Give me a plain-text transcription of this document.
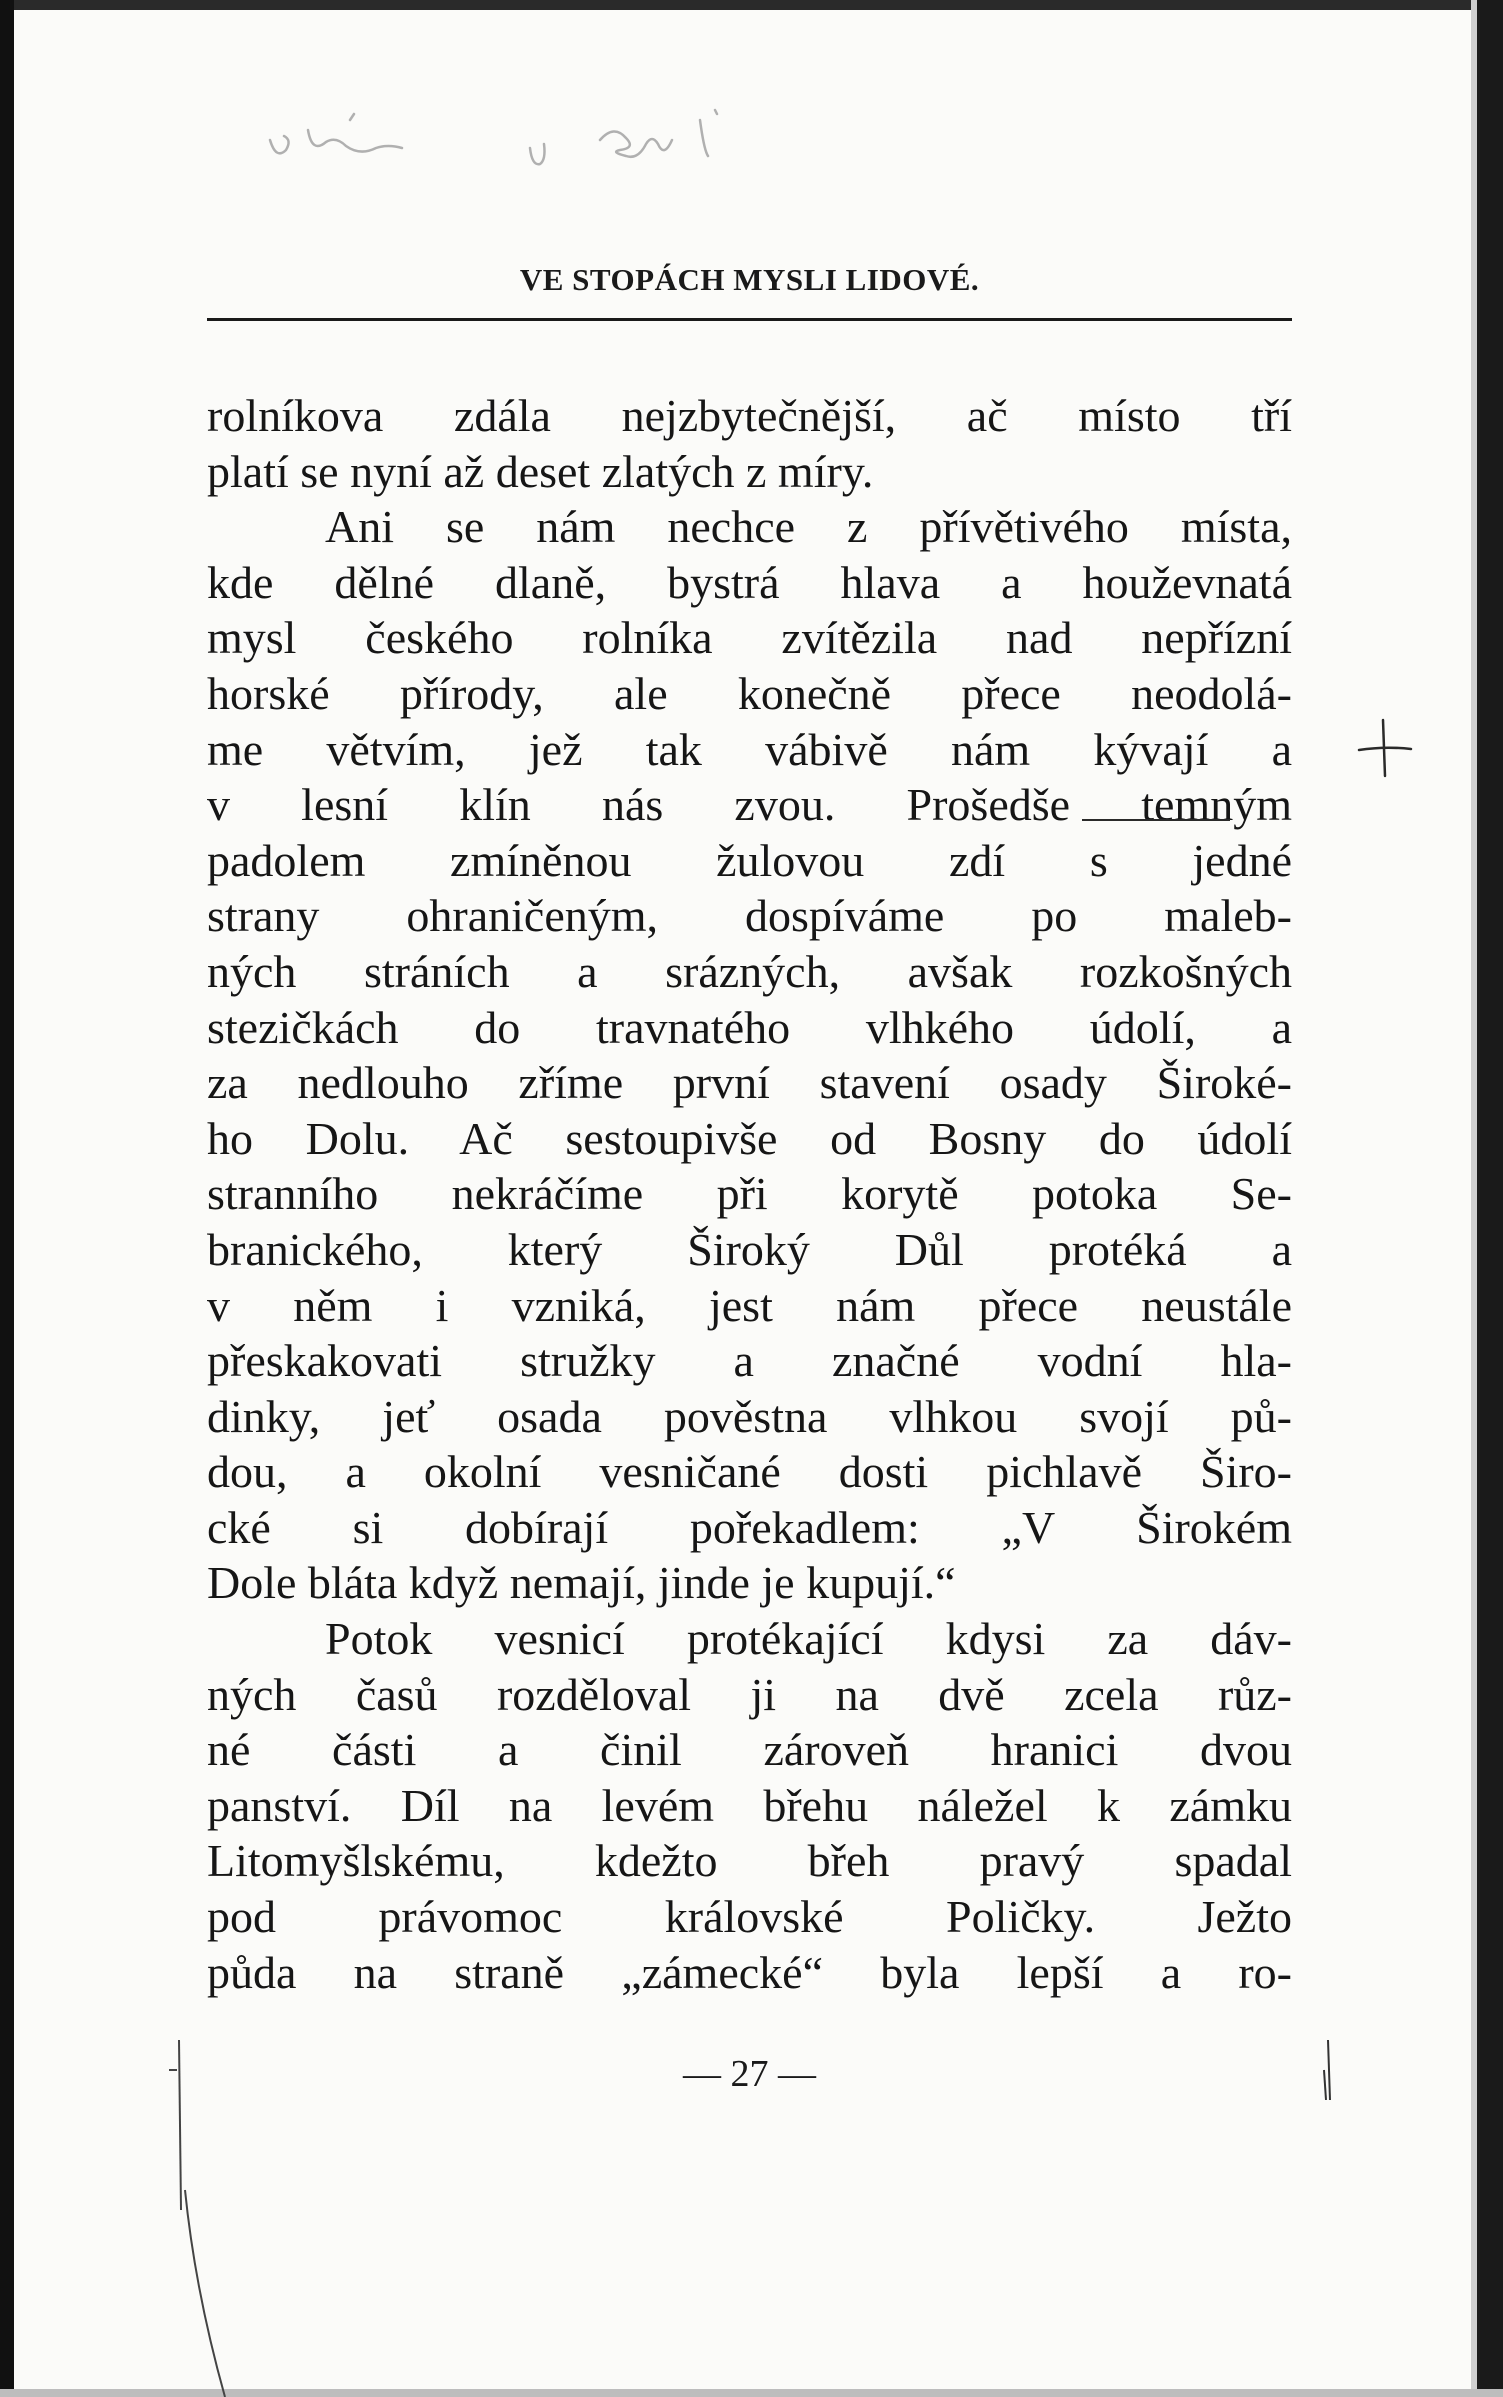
VE STOPÁCH MYSLI LIDOVÉ.
rolníkova zdála nejzbytečnější, ač místo tří
platí se nyní až deset zlatých z míry.
Ani se nám nechce z přívětivého místa,
kde dělné dlaně, bystrá hlava a houževnatá
mysl českého rolníka zvítězila nad nepřízní
horské přírody, ale konečně přece neodolá-
me větvím, jež tak vábivě nám kývají a
v lesní klín nás zvou. Prošedše temným
padolem zmíněnou žulovou zdí s jedné
strany ohraničeným, dospíváme po maleb-
ných stráních a srázných, avšak rozkošných
stezičkách do travnatého vlhkého údolí, a
za nedlouho zříme první stavení osady Široké-
ho Dolu. Ač sestoupivše od Bosny do údolí
stranního nekráčíme při korytě potoka Se-
branického, který Široký Důl protéká a
v něm i vzniká, jest nám přece neustále
přeskakovati stružky a značné vodní hla-
dinky, jeť osada pověstna vlhkou svojí pů-
dou, a okolní vesničané dosti pichlavě Širo-
cké si dobírají pořekadlem: „V Širokém
Dole bláta když nemají, jinde je kupují.“
Potok vesnicí protékající kdysi za dáv-
ných časů rozděloval ji na dvě zcela růz-
né části a činil zároveň hranici dvou
panství. Díl na levém břehu náležel k zámku
Litomyšlskému, kdežto břeh pravý spadal
pod právomoc královské Poličky. Ježto
půda na straně „zámecké“ byla lepší a ro-
— 27 —
